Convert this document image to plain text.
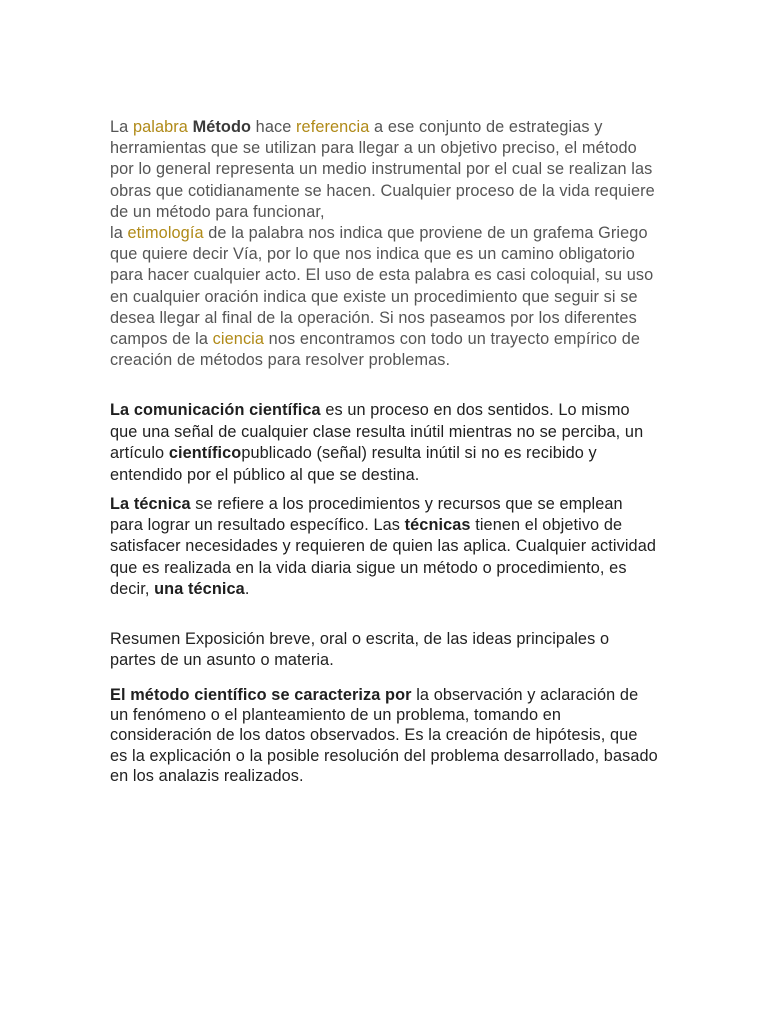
La palabra Método hace referencia a ese conjunto de estrategias y herramientas que se utilizan para llegar a un objetivo preciso, el método por lo general representa un medio instrumental por el cual se realizan las obras que cotidianamente se hacen. Cualquier proceso de la vida requiere de un método para funcionar,
la etimología de la palabra nos indica que proviene de un grafema Griego que quiere decir Vía, por lo que nos indica que es un camino obligatorio para hacer cualquier acto. El uso de esta palabra es casi coloquial, su uso en cualquier oración indica que existe un procedimiento que seguir si se desea llegar al final de la operación. Si nos paseamos por los diferentes campos de la ciencia nos encontramos con todo un trayecto empírico de creación de métodos para resolver problemas.

La comunicación científica es un proceso en dos sentidos. Lo mismo que una señal de cualquier clase resulta inútil mientras no se perciba, un artículo científicopublicado (señal) resulta inútil si no es recibido y entendido por el público al que se destina.

La técnica se refiere a los procedimientos y recursos que se emplean para lograr un resultado específico. Las técnicas tienen el objetivo de satisfacer necesidades y requieren de quien las aplica. Cualquier actividad que es realizada en la vida diaria sigue un método o procedimiento, es decir, una técnica.

Resumen Exposición breve, oral o escrita, de las ideas principales o partes de un asunto o materia.

El método científico se caracteriza por la observación y aclaración de un fenómeno o el planteamiento de un problema, tomando en consideración de los datos observados. Es la creación de hipótesis, que es la explicación o la posible resolución del problema desarrollado, basado en los analazis realizados.
